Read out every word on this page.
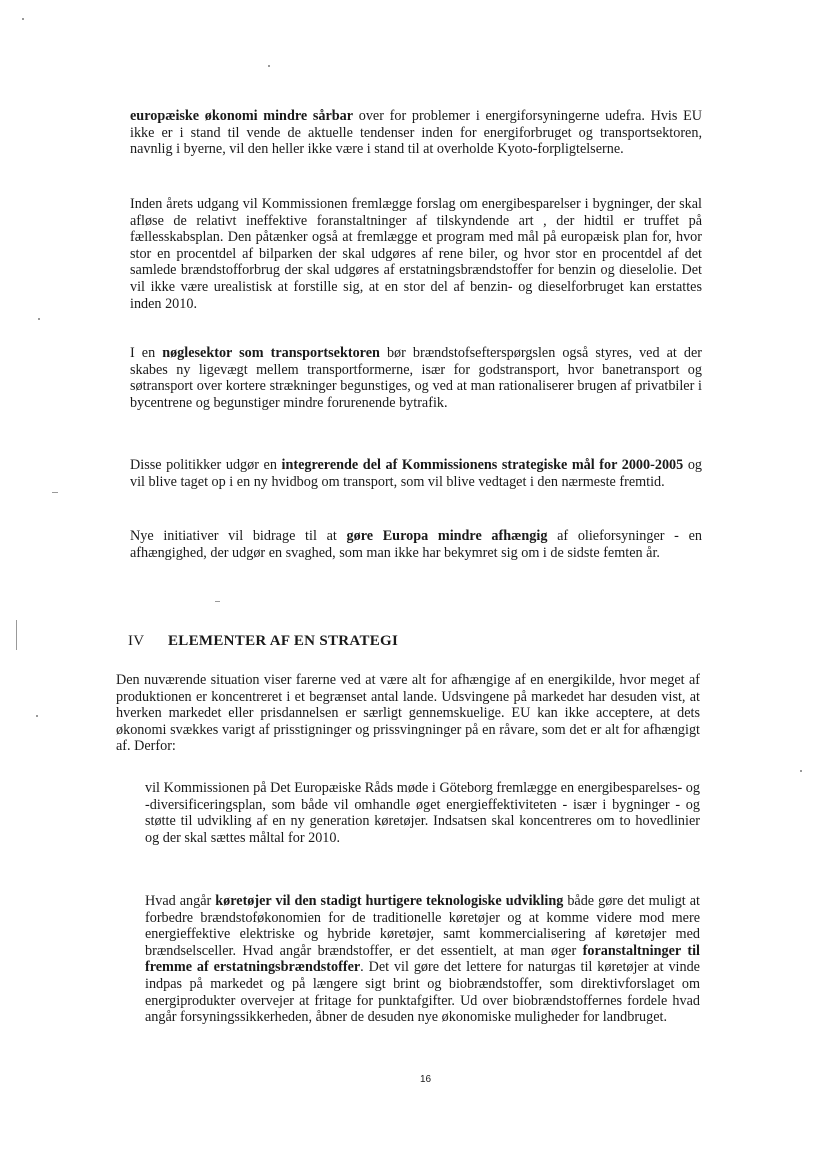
europæiske økonomi mindre sårbar over for problemer i energiforsyningerne udefra. Hvis EU ikke er i stand til vende de aktuelle tendenser inden for energiforbruget og transportsektoren, navnlig i byerne, vil den heller ikke være i stand til at overholde Kyoto-forpligtelserne.

Inden årets udgang vil Kommissionen fremlægge forslag om energibesparelser i bygninger, der skal afløse de relativt ineffektive foranstaltninger af tilskyndende art , der hidtil er truffet på fællesskabsplan. Den påtænker også at fremlægge et program med mål på europæisk plan for, hvor stor en procentdel af bilparken der skal udgøres af rene biler, og hvor stor en procentdel af det samlede brændstofforbrug der skal udgøres af erstatningsbrændstoffer for benzin og dieselolie. Det vil ikke være urealistisk at forstille sig, at en stor del af benzin- og dieselforbruget kan erstattes inden 2010.

I en nøglesektor som transportsektoren bør brændstofsefterspørgslen også styres, ved at der skabes ny ligevægt mellem transportformerne, især for godstransport, hvor banetransport og søtransport over kortere strækninger begunstiges, og ved at man rationaliserer brugen af privatbiler i bycentrene og begunstiger mindre forurenende bytrafik.

Disse politikker udgør en integrerende del af Kommissionens strategiske mål for 2000-2005 og vil blive taget op i en ny hvidbog om transport, som vil blive vedtaget i den nærmeste fremtid.

Nye initiativer vil bidrage til at gøre Europa mindre afhængig af olieforsyninger - en afhængighed, der udgør en svaghed, som man ikke har bekymret sig om i de sidste femten år.

IV ELEMENTER AF EN STRATEGI

Den nuværende situation viser farerne ved at være alt for afhængige af en energikilde, hvor meget af produktionen er koncentreret i et begrænset antal lande. Udsvingene på markedet har desuden vist, at hverken markedet eller prisdannelsen er særligt gennemskuelige. EU kan ikke acceptere, at dets økonomi svækkes varigt af prisstigninger og prissvingninger på en råvare, som det er alt for afhængigt af. Derfor:

vil Kommissionen på Det Europæiske Råds møde i Göteborg fremlægge en energibesparelses- og -diversificeringsplan, som både vil omhandle øget energieffektiviteten - især i bygninger - og støtte til udvikling af en ny generation køretøjer. Indsatsen skal koncentreres om to hovedlinier og der skal sættes måltal for 2010.

Hvad angår køretøjer vil den stadigt hurtigere teknologiske udvikling både gøre det muligt at forbedre brændstoføkonomien for de traditionelle køretøjer og at komme videre mod mere energieffektive elektriske og hybride køretøjer, samt kommercialisering af køretøjer med brændselsceller. Hvad angår brændstoffer, er det essentielt, at man øger foranstaltninger til fremme af erstatningsbrændstoffer. Det vil gøre det lettere for naturgas til køretøjer at vinde indpas på markedet og på længere sigt brint og biobrændstoffer, som direktivforslaget om energiprodukter overvejer at fritage for punktafgifter. Ud over biobrændstoffernes fordele hvad angår forsyningssikkerheden, åbner de desuden nye økonomiske muligheder for landbruget.

16
